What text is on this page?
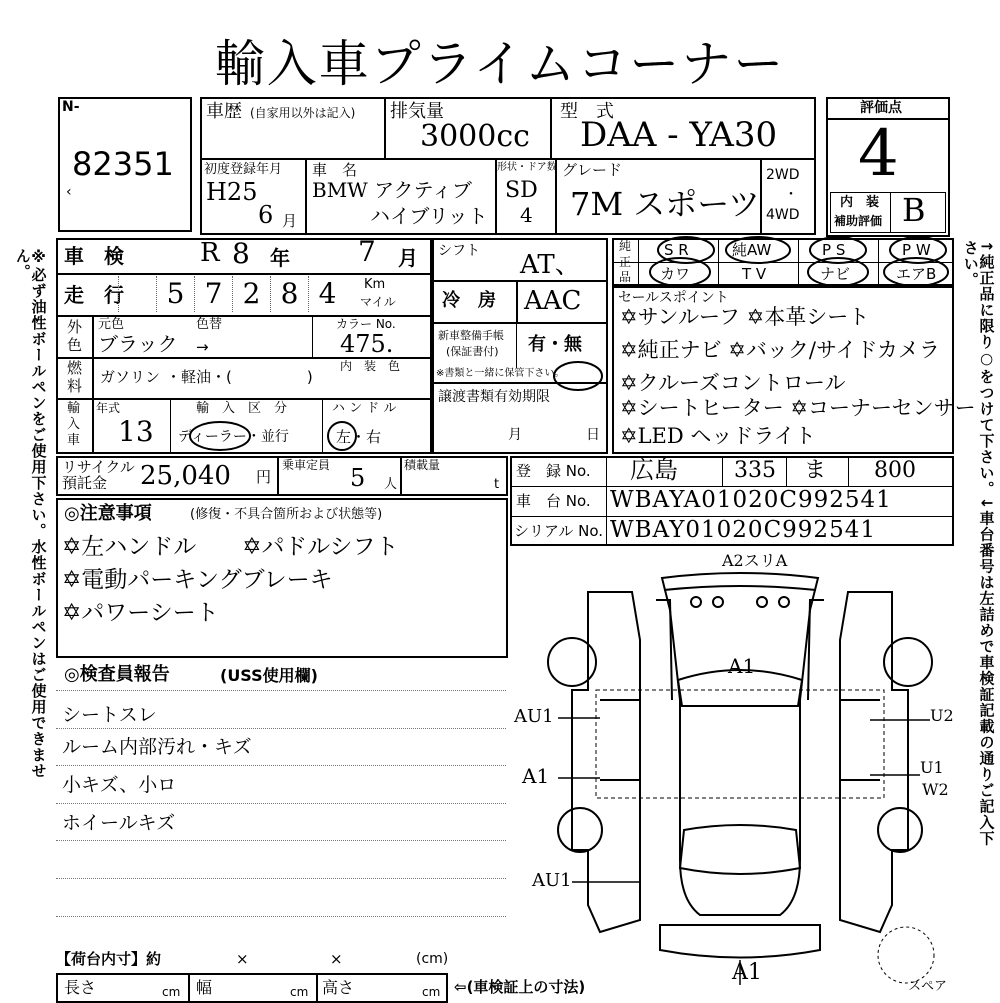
輸入車プライムコーナー
※必ず油性ボールペンをご使用下さい。水性ボールペンはご使用できません。	↑純正品に限り○をつけて下さい。↓車台番号は左詰めで車検証記載の通りご記入下さい。
N-
82351
‹
車歴 (自家用以外は記入) 排気量
3000cc
型　式
DAA - YA30
初度登録年月
H25
6 月
車　名
BMW アクティブ
ハイブリット
形状・ドア数
SD
4
グレード
7M スポーツ
2WD
・
4WD
評価点
4
内　装
補助評価 B
車　検	R 8 年 7 月
走　行	5 7 2 8 4	Km
マイル
外
色
元色	色替
ブラック →
カラー No.
475.
燃
料 ガソリン ・軽油・(　　　　　)
内　装　色
輸
入
車
年式
13
輸　入　区　分
ディーラー・並行
ハ ン ド ル
左・右
シフト AT、
冷　房 AAC
新車整備手帳
(保証書付) 有・無
※書類と一緒に保管下さい。
譲渡書類有効期限
月	日
純
正
品
S R	純AW	P S	P W
カワ	T V	ナビ	エアB
セールスポイント
✡サンルーフ ✡本革シート
✡純正ナビ ✡バック/サイドカメラ
✡クルーズコントロール
✡シートヒーター ✡コーナーセンサー
✡LED ヘッドライト
リサイクル
預託金 25,040 円
乗車定員 5 人
積載量
t
登　録 No. 広島	335 ま 800
車　台 No. WBAYA01020C992541
シリアル No. WBAY01020C992541
◎注意事項	(修復・不具合箇所および状態等)
✡左ハンドル　　✡パドルシフト
✡電動パーキングブレーキ
✡パワーシート
◎検査員報告	(USS使用欄)
シートスレ
ルーム内部汚れ・キズ
小キズ、小ロ
ホイールキズ
【荷台内寸】約	×	×	(cm)
長さ	cm 幅	cm 高さ	cm ⇦(車検証上の寸法)
A2スリA
A1
AU1
A1
AU1
U2
U1
W2
A1
スペア
